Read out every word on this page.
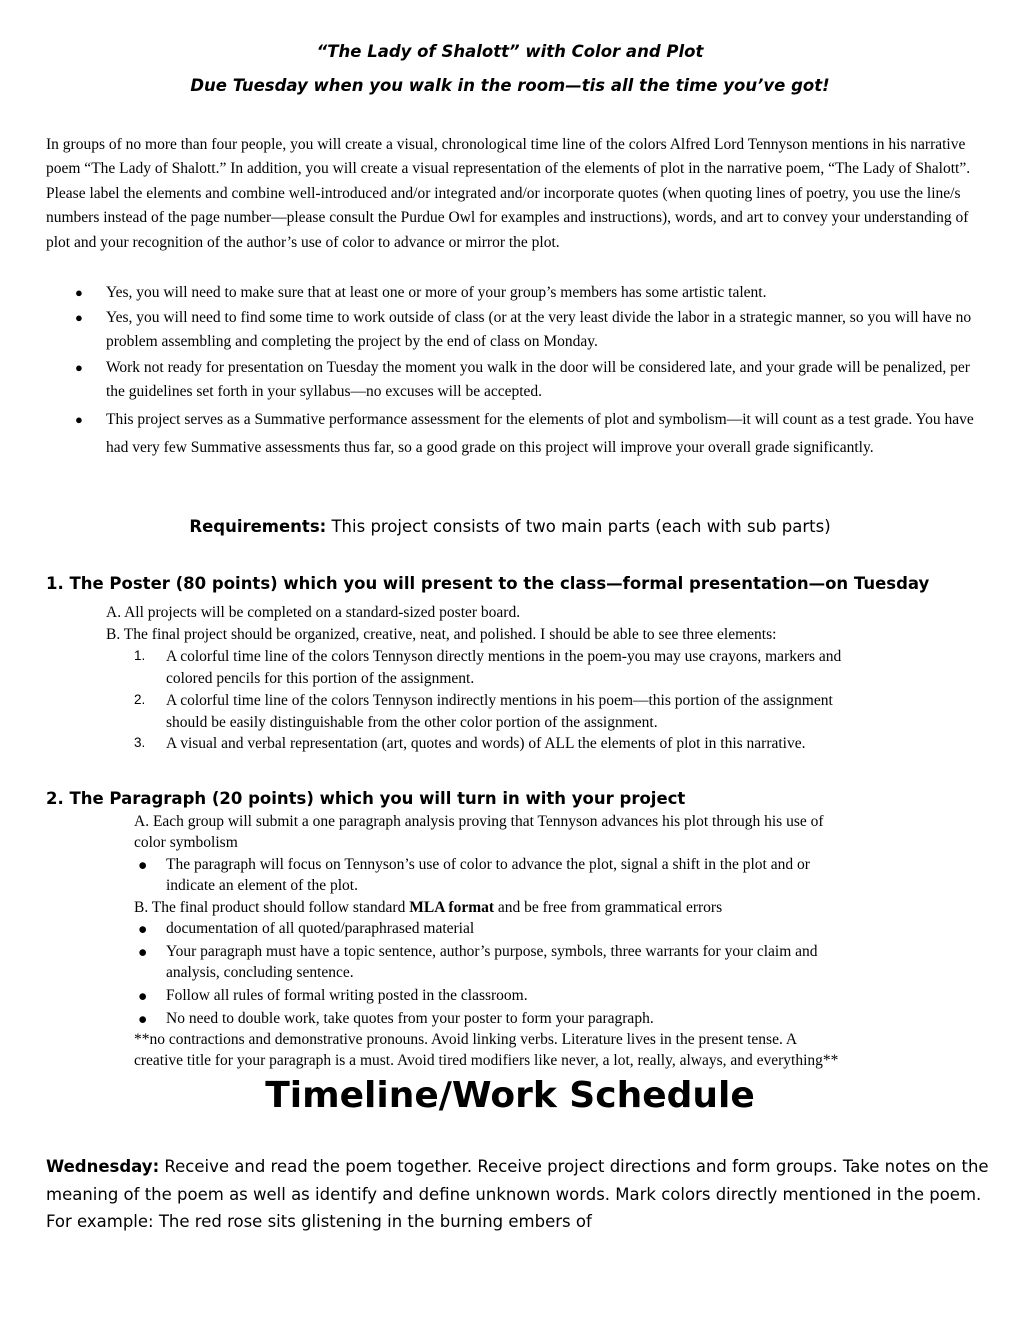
“The Lady of Shalott” with Color and Plot
Due Tuesday when you walk in the room—tis all the time you’ve got!

In groups of no more than four people, you will create a visual, chronological time line of the colors Alfred Lord Tennyson mentions in his narrative poem “The Lady of Shalott.” In addition, you will create a visual representation of the elements of plot in the narrative poem, “The Lady of Shalott”. Please label the elements and combine well-introduced and/or integrated and/or incorporate quotes (when quoting lines of poetry, you use the line/s numbers instead of the page number—please consult the Purdue Owl for examples and instructions), words, and art to convey your understanding of plot and your recognition of the author’s use of color to advance or mirror the plot.

● Yes, you will need to make sure that at least one or more of your group’s members has some artistic talent.
● Yes, you will need to find some time to work outside of class (or at the very least divide the labor in a strategic manner, so you will have no problem assembling and completing the project by the end of class on Monday.
● Work not ready for presentation on Tuesday the moment you walk in the door will be considered late, and your grade will be penalized, per the guidelines set forth in your syllabus—no excuses will be accepted.
● This project serves as a Summative performance assessment for the elements of plot and symbolism—it will count as a test grade. You have had very few Summative assessments thus far, so a good grade on this project will improve your overall grade significantly.
Requirements: This project consists of two main parts (each with sub parts)
1. The Poster (80 points) which you will present to the class—formal presentation—on Tuesday
A. All projects will be completed on a standard-sized poster board.
B. The final project should be organized, creative, neat, and polished. I should be able to see three elements:
1. A colorful time line of the colors Tennyson directly mentions in the poem-you may use crayons, markers and
colored pencils for this portion of the assignment.
2. A colorful time line of the colors Tennyson indirectly mentions in his poem—this portion of the assignment
should be easily distinguishable from the other color portion of the assignment.
3. A visual and verbal representation (art, quotes and words) of ALL the elements of plot in this narrative.
2. The Paragraph (20 points) which you will turn in with your project
A. Each group will submit a one paragraph analysis proving that Tennyson advances his plot through his use of
color symbolism
● The paragraph will focus on Tennyson’s use of color to advance the plot, signal a shift in the plot and or
indicate an element of the plot.
B. The final product should follow standard MLA format and be free from grammatical errors
● documentation of all quoted/paraphrased material
● Your paragraph must have a topic sentence, author’s purpose, symbols, three warrants for your claim and
analysis, concluding sentence.
● Follow all rules of formal writing posted in the classroom.
● No need to double work, take quotes from your poster to form your paragraph.
**no contractions and demonstrative pronouns. Avoid linking verbs. Literature lives in the present tense. A
creative title for your paragraph is a must. Avoid tired modifiers like never, a lot, really, always, and everything**
Timeline/Work Schedule
Wednesday: Receive and read the poem together. Receive project directions and form groups. Take notes on the meaning of the poem as well as identify and define unknown words. Mark colors directly mentioned in the poem. For example: The red rose sits glistening in the burning embers of
